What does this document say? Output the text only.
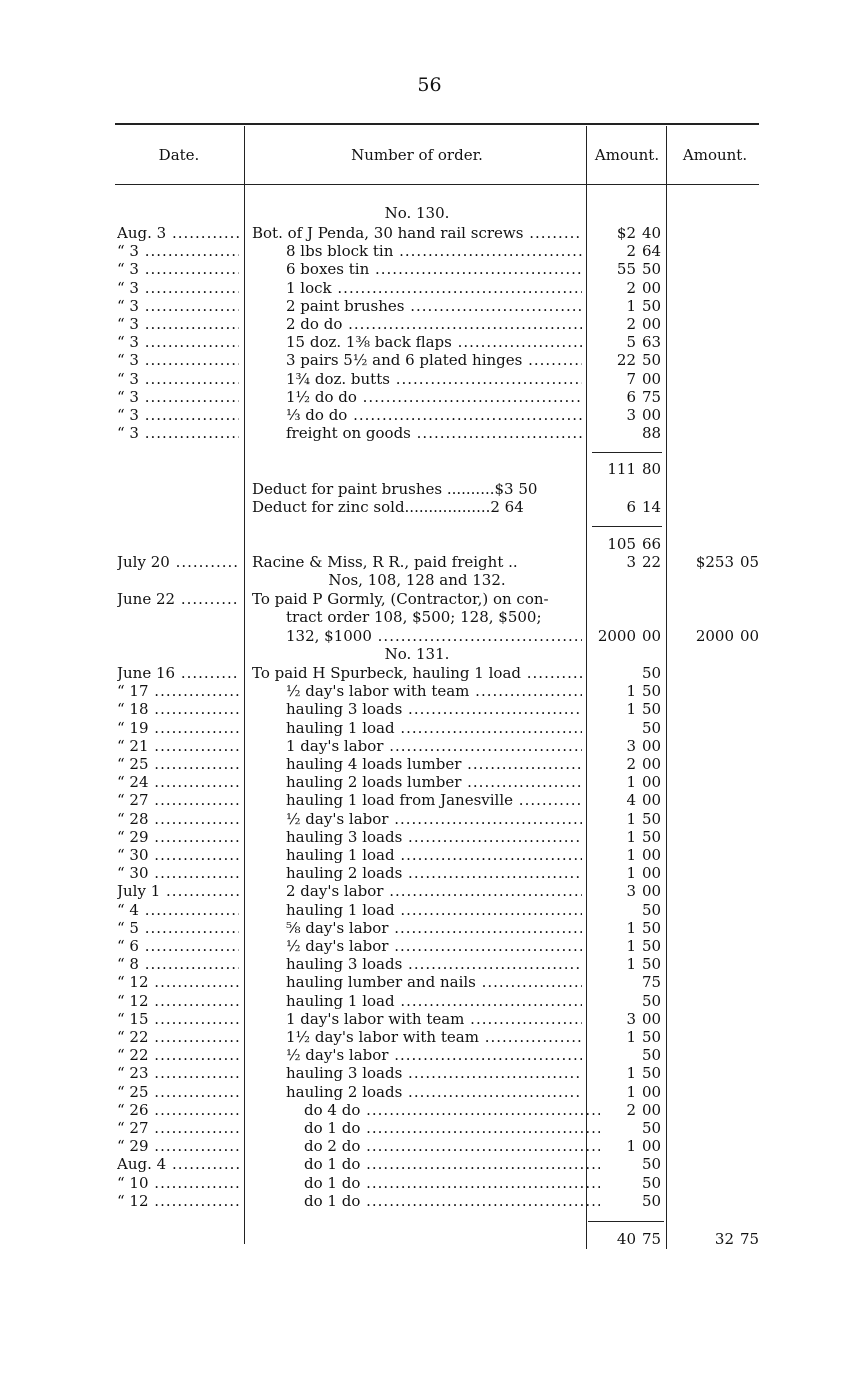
56
Date.	Number of order.	Amount.	Amount.
No. 130.
Aug. 3 .....	Bot. of J Penda, 30 hand rail screws .....	$2 40
“ 3 .....	8 lbs block tin .....	2 64
“ 3 .....	6 boxes tin .....	55 50
“ 3 .....	1 lock .....	2 00
“ 3 .....	2 paint brushes .....	1 50
“ 3 .....	2 do do .....	2 00
“ 3 .....	15 doz. 1⅜ back flaps .....	5 63
“ 3 .....	3 pairs 5½ and 6 plated hinges .....	22 50
“ 3 .....	1¾ doz. butts .....	7 00
“ 3 .....	1½ do do .....	6 75
“ 3 .....	⅓ do do .....	3 00
“ 3 .....	freight on goods .....	88
111 80
Deduct for paint brushes ..........$3 50
Deduct for zinc sold..................2 64	6 14
105 66
July 20 .....	Racine & Miss, R R., paid freight ..	3 22	$253 05
Nos, 108, 128 and 132.
June 22 .....	To paid P Gormly, (Contractor,) on con-
tract order 108, $500; 128, $500;
132, $1000 .....	2000 00	2000 00
No. 131.
June 16 .....	To paid H Spurbeck, hauling 1 load .....	50
“ 17 .....	½ day's labor with team .....	1 50
“ 18 .....	hauling 3 loads .....	1 50
“ 19 .....	hauling 1 load .....	50
“ 21 .....	1 day's labor .....	3 00
“ 25 .....	hauling 4 loads lumber .....	2 00
“ 24 .....	hauling 2 loads lumber .....	1 00
“ 27 .....	hauling 1 load from Janesville .....	4 00
“ 28 .....	½ day's labor .....	1 50
“ 29 .....	hauling 3 loads .....	1 50
“ 30 .....	hauling 1 load .....	1 00
“ 30 .....	hauling 2 loads .....	1 00
July 1 .....	2 day's labor .....	3 00
“ 4 .....	hauling 1 load .....	50
“ 5 .....	⅝ day's labor .....	1 50
“ 6 .....	½ day's labor .....	1 50
“ 8 .....	hauling 3 loads .....	1 50
“ 12 .....	hauling lumber and nails .....	75
“ 12 .....	hauling 1 load .....	50
“ 15 .....	1 day's labor with team .....	3 00
“ 22 .....	1½ day's labor with team .....	1 50
“ 22 .....	½ day's labor .....	50
“ 23 .....	hauling 3 loads .....	1 50
“ 25 .....	hauling 2 loads .....	1 00
“ 26 .....	do 4 do .....	2 00
“ 27 .....	do 1 do .....	50
“ 29 .....	do 2 do .....	1 00
Aug. 4 .....	do 1 do .....	50
“ 10 .....	do 1 do .....	50
“ 12 .....	do 1 do .....	50
40 75	32 75
